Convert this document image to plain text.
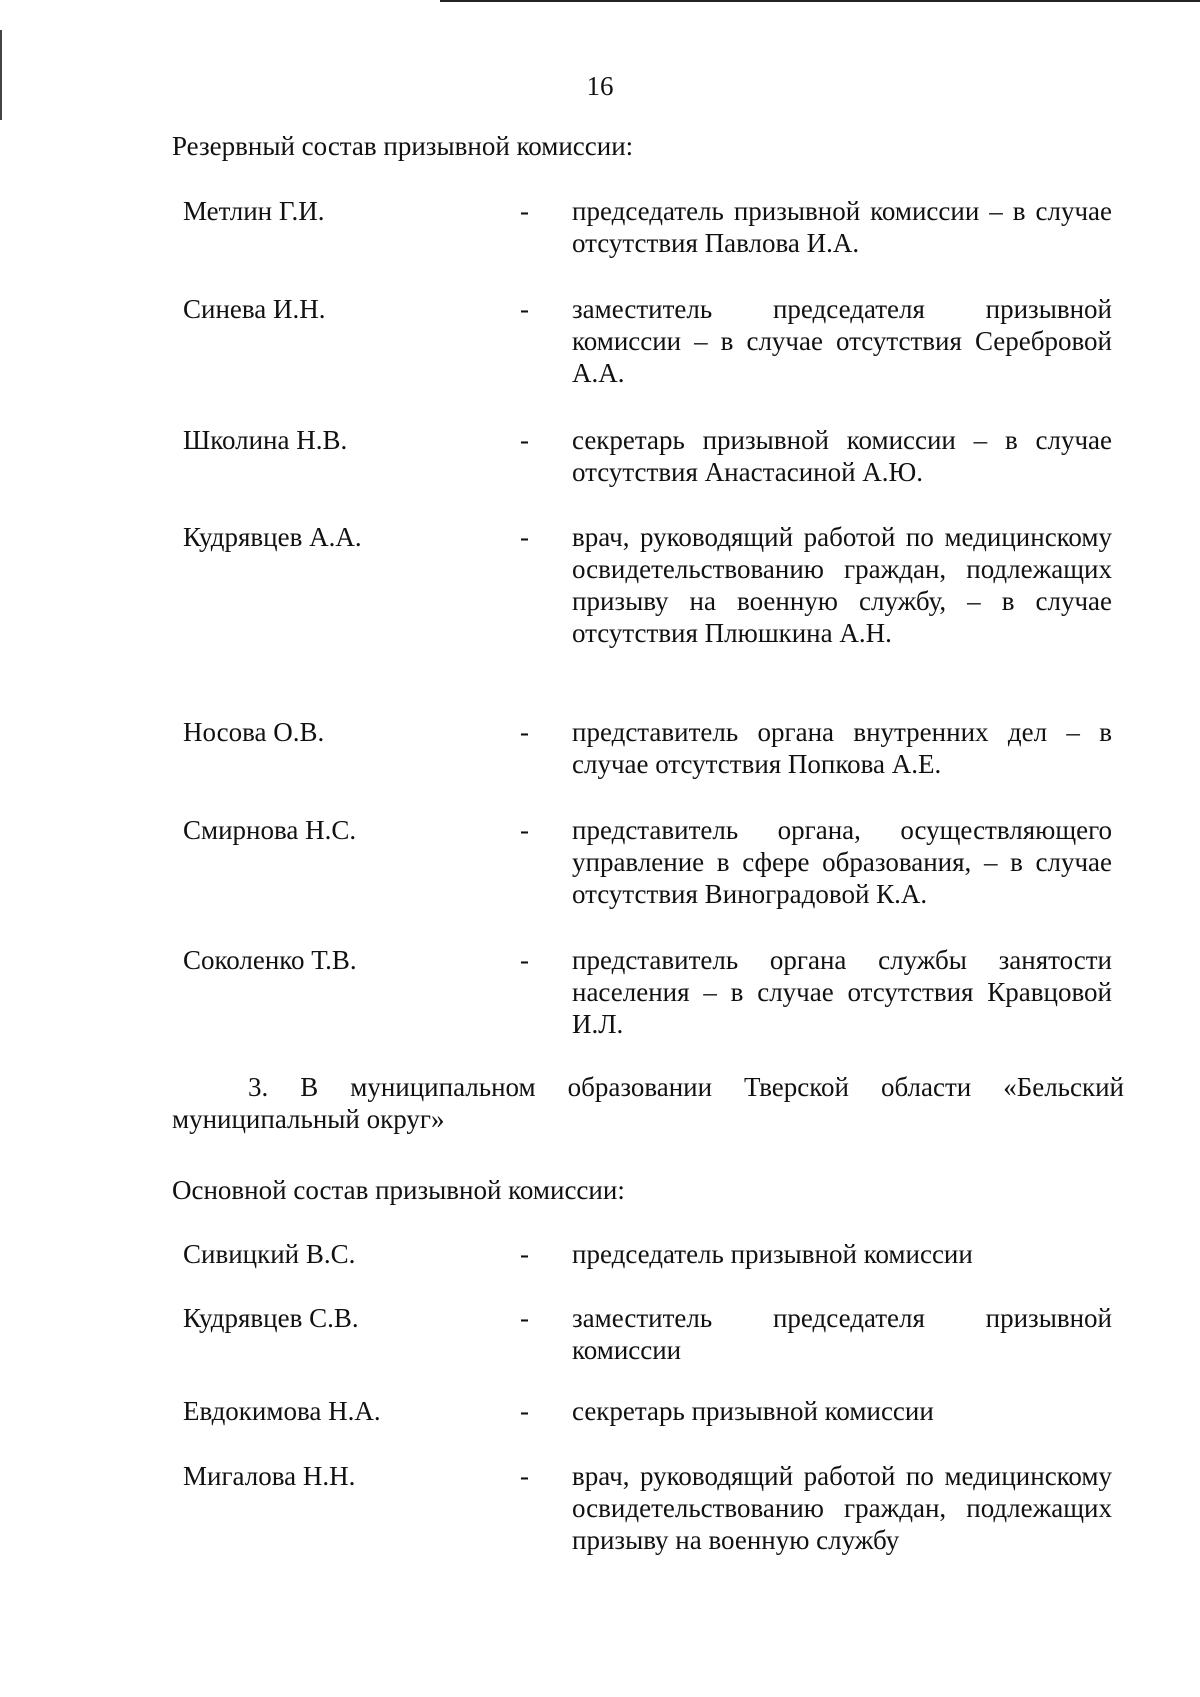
16
Резервный состав призывной комиссии:
Метлин Г.И.	- председатель призывной комиссии – в случае отсутствия Павлова И.А.
Синева И.Н.	- заместитель председателя призывной комиссии – в случае отсутствия Серебровой А.А.
Школина Н.В.	- секретарь призывной комиссии – в случае отсутствия Анастасиной А.Ю.
Кудрявцев А.А.	- врач, руководящий работой по медицинскому освидетельствованию граждан, подлежащих призыву на военную службу, – в случае отсутствия Плюшкина А.Н.
Носова О.В.	- представитель органа внутренних дел – в случае отсутствия Попкова А.Е.
Смирнова Н.С.	- представитель органа, осуществляющего управление в сфере образования, – в случае отсутствия Виноградовой К.А.
Соколенко Т.В.	- представитель органа службы занятости населения – в случае отсутствия Кравцовой И.Л.
3. В муниципальном образовании Тверской области «Бельский муниципальный округ»
Основной состав призывной комиссии:
Сивицкий В.С.	- председатель призывной комиссии
Кудрявцев С.В.	- заместитель председателя призывной комиссии
Евдокимова Н.А.	- секретарь призывной комиссии
Мигалова Н.Н.	- врач, руководящий работой по медицинскому освидетельствованию граждан, подлежащих призыву на военную службу
